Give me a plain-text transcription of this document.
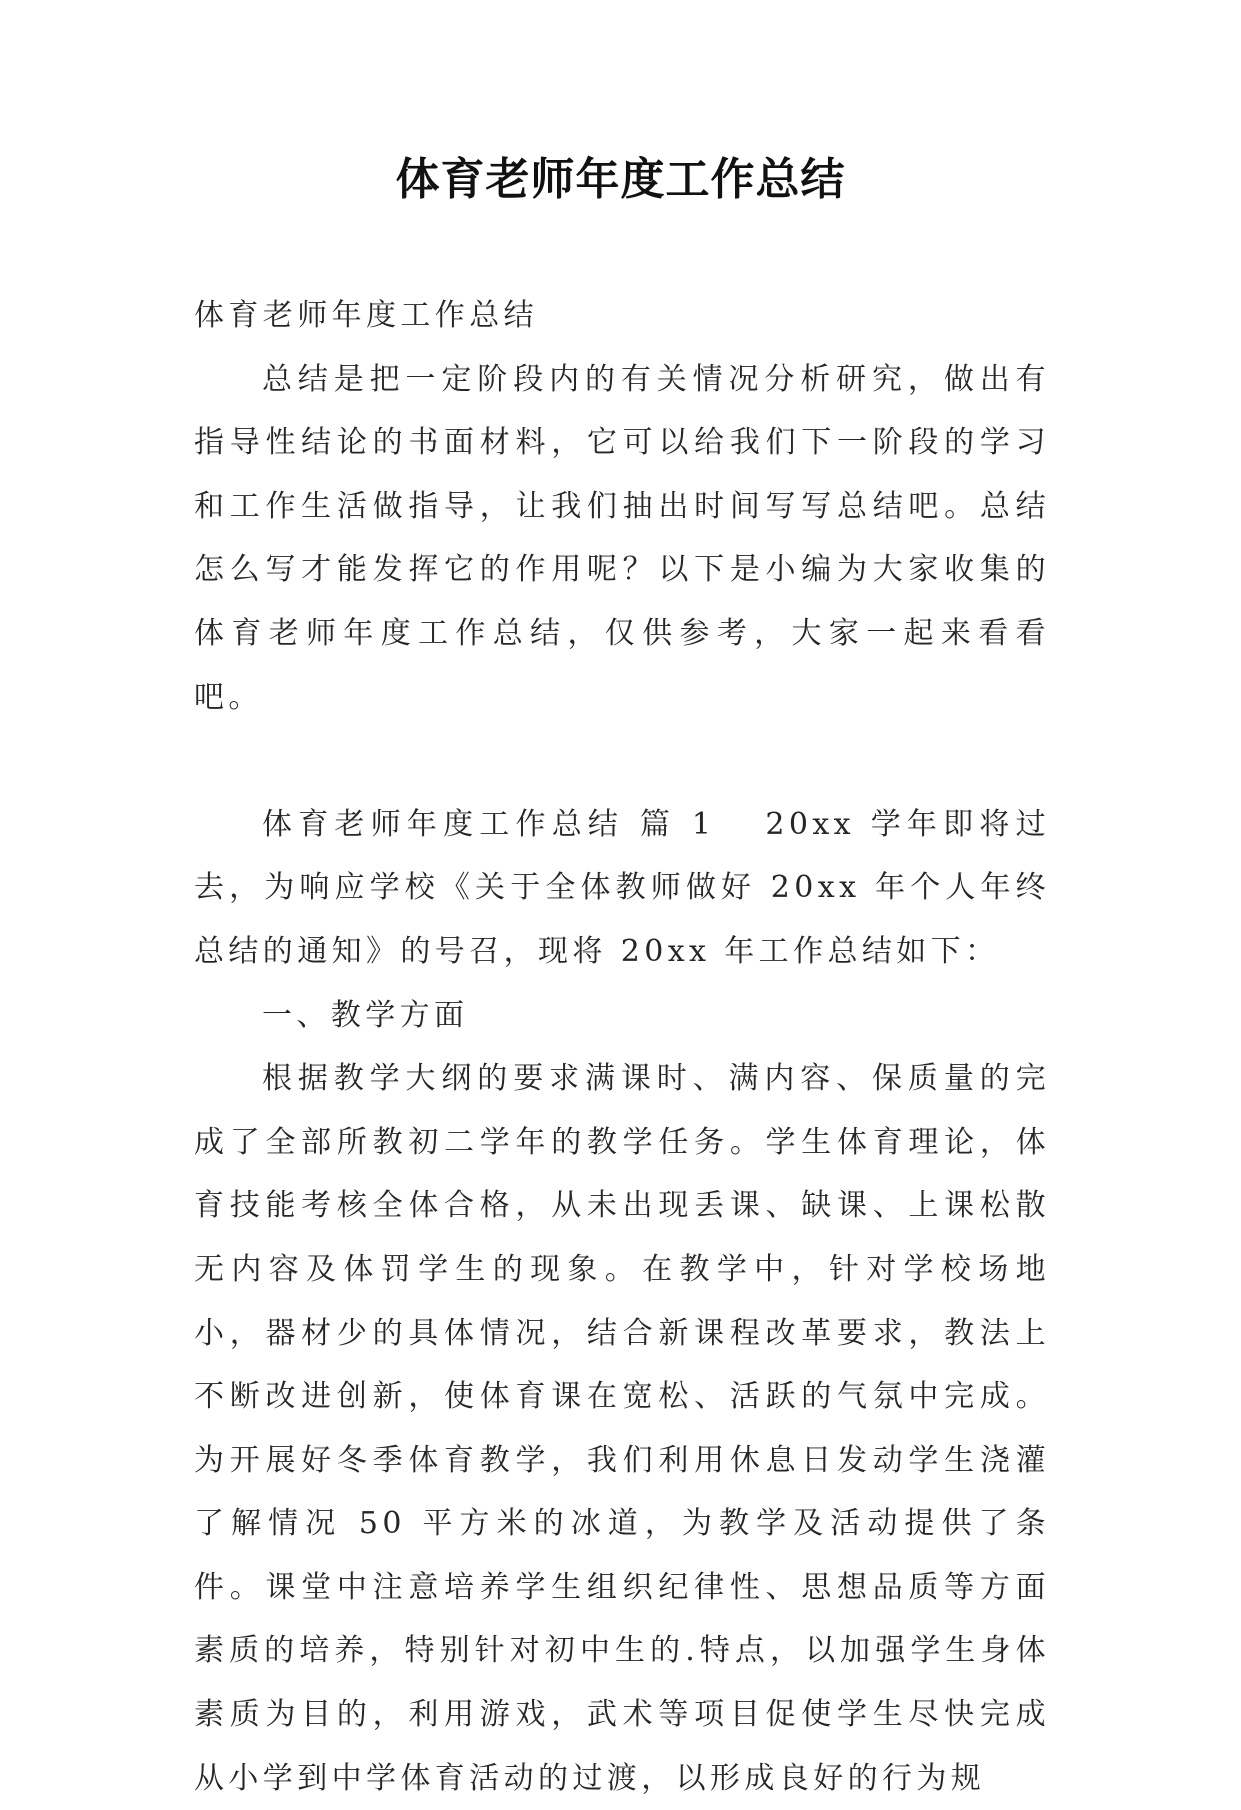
体育老师年度工作总结

体育老师年度工作总结

总结是把一定阶段内的有关情况分析研究，做出有指导性结论的书面材料，它可以给我们下一阶段的学习和工作生活做指导，让我们抽出时间写写总结吧。总结怎么写才能发挥它的作用呢？以下是小编为大家收集的体育老师年度工作总结，仅供参考，大家一起来看看吧。

体育老师年度工作总结 篇 1 20xx 学年即将过去，为响应学校《关于全体教师做好 20xx 年个人年终总结的通知》的号召，现将 20xx 年工作总结如下：

一、教学方面

根据教学大纲的要求满课时、满内容、保质量的完成了全部所教初二学年的教学任务。学生体育理论，体育技能考核全体合格，从未出现丢课、缺课、上课松散无内容及体罚学生的现象。在教学中，针对学校场地小，器材少的具体情况，结合新课程改革要求，教法上不断改进创新，使体育课在宽松、活跃的气氛中完成。为开展好冬季体育教学，我们利用休息日发动学生浇灌了解情况 50 平方米的冰道，为教学及活动提供了条件。课堂中注意培养学生组织纪律性、思想品质等方面素质的培养，特别针对初中生的.特点，以加强学生身体素质为目的，利用游戏，武术等项目促使学生尽快完成从小学到中学体育活动的过渡，以形成良好的行为规
